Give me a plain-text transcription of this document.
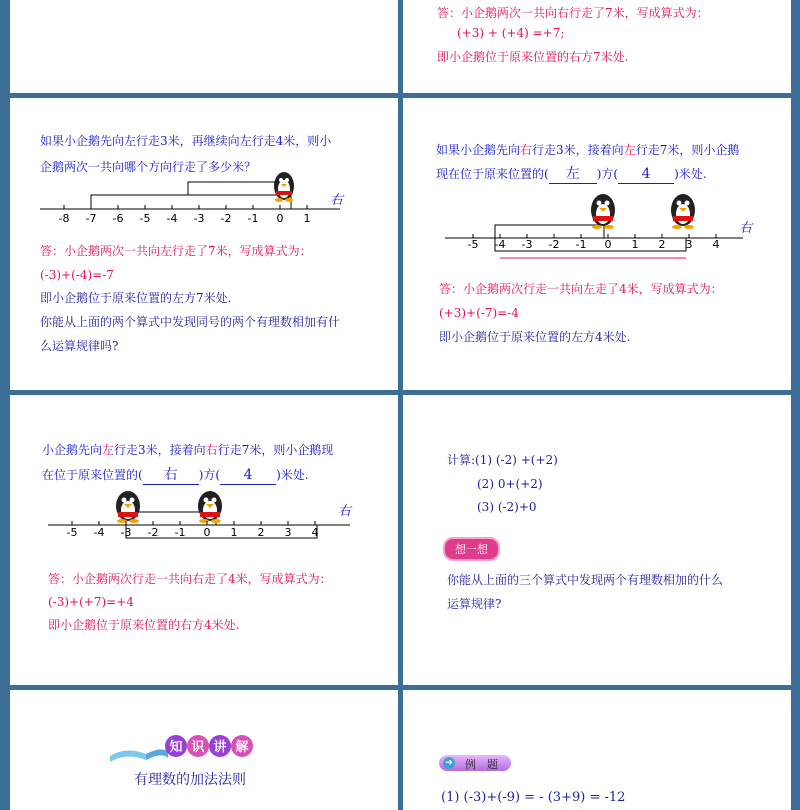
答：小企鹅两次一共向右行走了7米，写成算式为：
(+3) + (+4) =+7;
即小企鹅位于原来位置的右方7米处.
如果小企鹅先向左行走3米，再继续向左行走4米，则小
企鹅两次一共向哪个方向行走了多少米？
-8 -7 -6 -5 -4 -3 -2 -1 0 1
右
答：小企鹅两次一共向左行走了7米，写成算式为：
(-3)+(-4)=-7
即小企鹅位于原来位置的左方7米处.
你能从上面的两个算式中发现同号的两个有理数相加有什
么运算规律吗?
如果小企鹅先向右行走3米，接着向左行走7米，则小企鹅
现在位于原来位置的( 左 )方( 4 )米处.
-5 -4 -3 -2 -1 0 1 2 3 4
右
答：小企鹅两次行走一共向左走了4米，写成算式为：
(+3)+(-7)=-4
即小企鹅位于原来位置的左方4米处.
小企鹅先向左行走3米，接着向右行走7米，则小企鹅现
在位于原来位置的( 右 )方( 4 )米处.
-5 -4 -3 -2 -1 0 1 2 3 4
右
答：小企鹅两次行走一共向右走了4米，写成算式为：
(-3)+(+7)=+4
即小企鹅位于原来位置的右方4米处.
计算:(1) (-2) +(+2)
(2) 0+(+2)
(3) (-2)+0
想一想
你能从上面的三个算式中发现两个有理数相加的什么
运算规律?
知 识 讲 解
有理数的加法法则
➔ 例　题
(1) (-3)+(-9) = - (3+9) = -12
